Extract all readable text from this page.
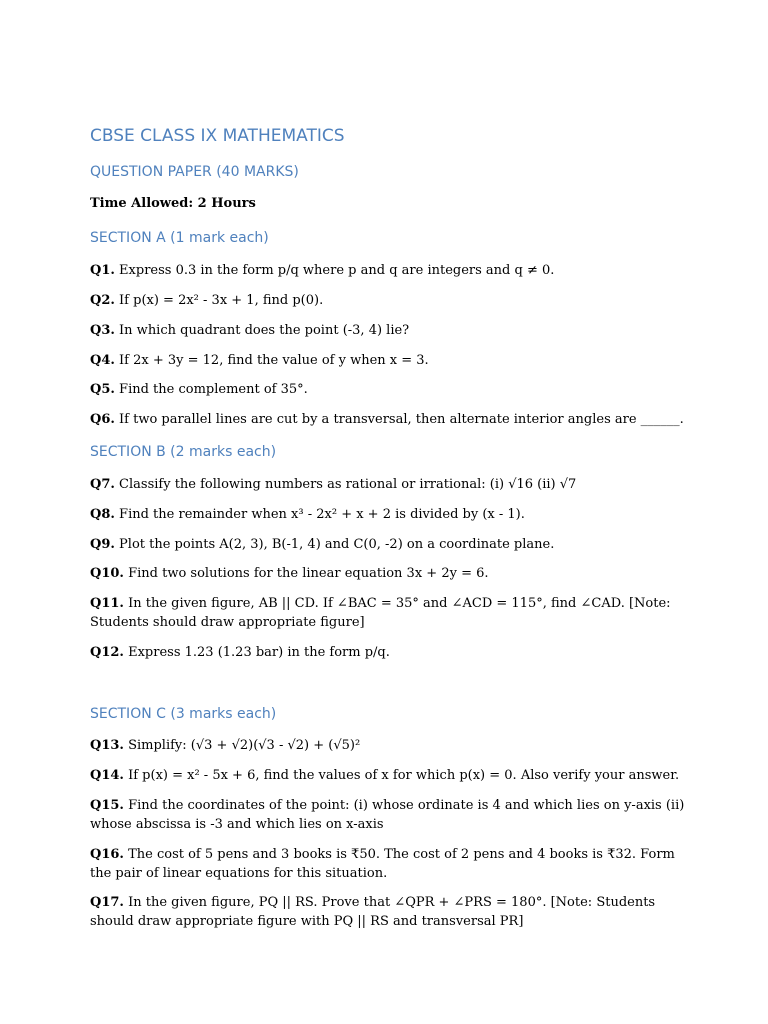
CBSE CLASS IX MATHEMATICS
QUESTION PAPER (40 MARKS)
Time Allowed: 2 Hours
SECTION A (1 mark each)
Q1. Express 0.3 in the form p/q where p and q are integers and q ≠ 0.
Q2. If p(x) = 2x² - 3x + 1, find p(0).
Q3. In which quadrant does the point (-3, 4) lie?
Q4. If 2x + 3y = 12, find the value of y when x = 3.
Q5. Find the complement of 35°.
Q6. If two parallel lines are cut by a transversal, then alternate interior angles are ______.
SECTION B (2 marks each)
Q7. Classify the following numbers as rational or irrational: (i) √16 (ii) √7
Q8. Find the remainder when x³ - 2x² + x + 2 is divided by (x - 1).
Q9. Plot the points A(2, 3), B(-1, 4) and C(0, -2) on a coordinate plane.
Q10. Find two solutions for the linear equation 3x + 2y = 6.
Q11. In the given figure, AB || CD. If ∠BAC = 35° and ∠ACD = 115°, find ∠CAD. [Note: Students should draw appropriate figure]
Q12. Express 1.23 (1.23 bar) in the form p/q.
SECTION C (3 marks each)
Q13. Simplify: (√3 + √2)(√3 - √2) + (√5)²
Q14. If p(x) = x² - 5x + 6, find the values of x for which p(x) = 0. Also verify your answer.
Q15. Find the coordinates of the point: (i) whose ordinate is 4 and which lies on y-axis (ii) whose abscissa is -3 and which lies on x-axis
Q16. The cost of 5 pens and 3 books is ₹50. The cost of 2 pens and 4 books is ₹32. Form the pair of linear equations for this situation.
Q17. In the given figure, PQ || RS. Prove that ∠QPR + ∠PRS = 180°. [Note: Students should draw appropriate figure with PQ || RS and transversal PR]
